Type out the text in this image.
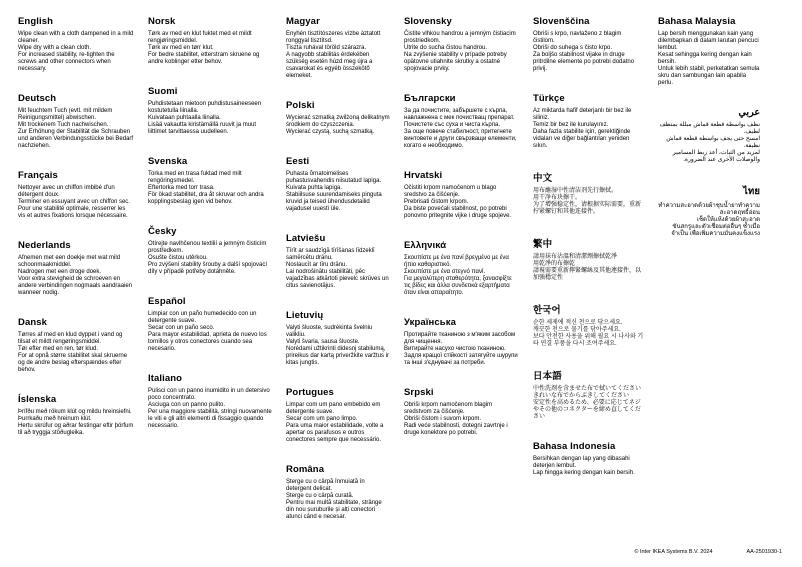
English

Wipe clean with a cloth dampened in a mild cleaner.

Wipe dry with a clean cloth.

For increased stability, re-tighten the screws and other connectors when necessary.

Deutsch

Mit feuchtem Tuch (evtl. mit mildem Reinigungsmittel) abwischen.

Mit trockenem Tuch nachwischen.

Zur Erhöhung der Stabilität die Schrauben und anderen Verbindungsstücke bei Bedarf nachziehen.

Français

Nettoyer avec un chiffon imbibé d'un détergent doux.

Terminer en essuyant avec un chiffon sec.

Pour une stabilité optimale, resserrer les vis et autres fixations lorsque nécessaire.

Nederlands

Afnemen met een doekje met wat mild schoonmaakmiddel.

Nadrogen met een droge doek.

Voor extra stevigheid de schroeven en andere verbindingen nogmaals aandraaien wanneer nodig.

Dansk

Tørres af med en klud dyppet i vand og tilsat et mildt rengøringsmiddel.

Tør efter med en ren, tør klud.

For at opnå større stabilitet skal skruerne og de andre beslag efterspændes efter behov.

Íslenska

Þrífðu með rökum klút og mildu hreinsiefni.

Þurrkaðu með hreinum klút.

Hertu skrúfur og aðrar festingar eftir þörfum til að tryggja stöðugleika.

Norsk

Tørk av med en klut fuktet med et mildt rengjøringsmiddel.

Tørk av med en tørr klut.

For bedre stabilitet, etterstram skruene og andre koblinger etter behov.

Suomi

Puhdistetaan mietoon puhdistusaineeseen kostutetulla liinalla.

Kuivataan puhtaalla liinalla.

Lisää vakautta kiristämällä ruuvit ja muut liittimet tarvittaessa uudelleen.

Svenska

Torka med en trasa fuktad med milt rengöringsmedel.

Eftertorka med torr trasa.

För ökad stabilitet, dra åt skruvar och andra kopplingsbeslag igen vid behov.

Česky

Otírejte navlhčenou textilií a jemným čisticím prostředkem.

Osušte čistou utěrkou.

Pro zvýšení stability šrouby a další spojovací díly v případě potřeby dotáhněte.

Español

Limpiar con un paño humedecido con un detergente suave.

Secar con un paño seco.

Para mayor estabilidad, aprieta de nuevo los tornillos y otros conectores cuando sea necesario.

Italiano

Pulisci con un panno inumidito in un detersivo poco concentrato.

Asciuga con un panno pulito.

Per una maggiore stabilità, stringi nuovamente le viti e gli altri elementi di fissaggio quando necessario.

Magyar

Enyhén tisztítószeres vízbe áztatott ronggyal tisztítsd.

Tiszta ruhával töröld szárazra.

A nagyobb stabilitás érdekében szükség esetén húzd meg újra a csavarokat és egyéb összekötő elemeket.

Polski

Wycierać szmatką zwilżoną delikatnym środkiem do czyszczenia.

Wycierać czystą, suchą szmatką.

Eesti

Puhasta õrnatoimelises puhastusvahendis niisutatud lapiga.

Kuivata puhta lapiga.

Stabiilsuse suurendamiseks pinguta kruvid ja teised ühendusdetailid vajadusel uuesti üle.

Latviešu

Tīrīt ar saudzīgā tīrīšanas līdzeklī samērcētu drānu.

Noslaucīt ar tīru drānu.

Lai nodrošinātu stabilitāti, pēc vajadzības atkārtoti pievelc skrūves un citus savienotājus.

Lietuvių

Valyti šluoste, sudrėkinta švelniu valikliu.

Valyti švaria, sausa šluoste.

Norėdami užtikrinti didesnį stabilumą, prireikus dar kartą priveržkite varžtus ir kitas jungtis.

Portugues

Limpar com um pano embebido em detergente suave.

Secar com um pano limpo.

Para uma maior estabilidade, volte a apertar os parafusos e outros conectores sempre que necessário.

Româna

Șterge cu o cârpă înmuiată în detergent delicat.

Șterge cu o cârpă curată.

Pentru mai multă stabilitate, strânge din nou șuruburile și alți conectori atunci când e necesar.

Slovensky

Čistite vlhkou handrou a jemným čistiacim prostriedkom.

Utrite do sucha čistou handrou.

Na zvýšenie stability v prípade potreby opätovne utiahnite skrutky a ostatné spojovacie prvky.

Български

За да почистите, забършете с кърпа, навлажнена с мек почистващ препарат.

Почистете със суха и чиста кърпа.

За още повече стабилност, притегнете винтовете и други свързващи елементи, когато е необходимо.

Hrvatski

Očistiti krpom namočenom u blago sredstvo za čišćenje.

Prebrisati čistom krpom.

Da biste povećali stabilnost, po potrebi ponovno pritegnite vijke i druge spojeve.

Ελληνικά

Σκουπίστε με ένα πανί βρεγμένο με ένα ήπιο καθαριστικό.

Σκουπίστε με ένα στεγνό πανί.

Για μεγαλύτερη σταθερότητα, ξανασφίξτε τις βίδες και άλλα συνδετικά εξαρτήματα όταν είναι απαραίτητο.

Українська

Протирайте тканиною з м'яким засобом для чищення.

Витирайте насухо чистою тканиною.

Задля кращої стійкості затягуйте шурупи та інші з'єднувачі за потреби.

Srpski

Obriši krpom namočenom blagim sredstvom za čišćenje.

Obriši čistom i suvom krpom.

Radi veće stabilnosti, dotegni zavrtnje i druge konektore po potrebi.

Slovenščina

Obriši s krpo, navlaženo z blagim čistilom.

Obriši do suhega s čisto krpo.

Za boljšo stabilnost vijake in druge pritrdilne elemente po potrebi dodatno privij.

Türkçe

Az miktarda hafif deterjanlı bir bez ile siliniz.

Temiz bir bez ile kurulayınız.

Daha fazla stabilite için, gerektiğinde vidaları ve diğer bağlantıları yeniden sıkın.

中文

用布蘸湿中性清洁剂先行擦拭。

用干净布块擦干。

为了增强稳定性，请根据实际需要，重新拧紧螺钉和其他连接件。

繁中

請用抹布沾溫和清潔劑擦拭乾淨

用乾淨的布擦乾

請視需要重新擰緊螺絲及其他連接件，以加強穩定性

한국어

순한 세제에 적신 천으로 닦으세요.

깨끗한 천으로 물기를 닦아주세요.

보다 안전한 사용을 위해 필요 시 나사와 기타 연결 부품을 다시 조여주세요.

日本語

中性洗剤を含ませた布で拭いてください

きれいな布でからぶきしてください

安定性を高めるため、必要に応じてネジやその他のコネクターを締め直してください

Bahasa Indonesia

Bersihkan dengan lap yang dibasahi deterjen lembut.

Lap hingga kering dengan kain bersih.

Bahasa Malaysia

Lap bersih menggunakan kain yang dilembapkan di dalam larutan pencuci lembut.

Kesat sehingga kering dengan kain bersih.

Untuk lebih stabil, perketatkan semula skru dan sambungan lain apabila perlu.

عربي

نظف بواسطة قطعة قماش مبللة بمنظف لطيف.

امسح حتى يجف بواسطة قطعة قماش نظيفة.

لمزيد من الثبات، أعد ربط المسامير والوصلات الأخرى عند الضرورة.

ไทย

ทำความสะอาดด้วยผ้าชุบน้ำยาทำความสะอาดฤทธิ์อ่อน

เช็ดให้แห้งด้วยผ้าสะอาด

ขันสกรูและตัวเชื่อมต่ออื่นๆ ซ้ำเมื่อจำเป็น เพื่อเพิ่มความมั่นคงแข็งแรง

© Inter IKEA Systems B.V. 2024	AA-2501930-1
